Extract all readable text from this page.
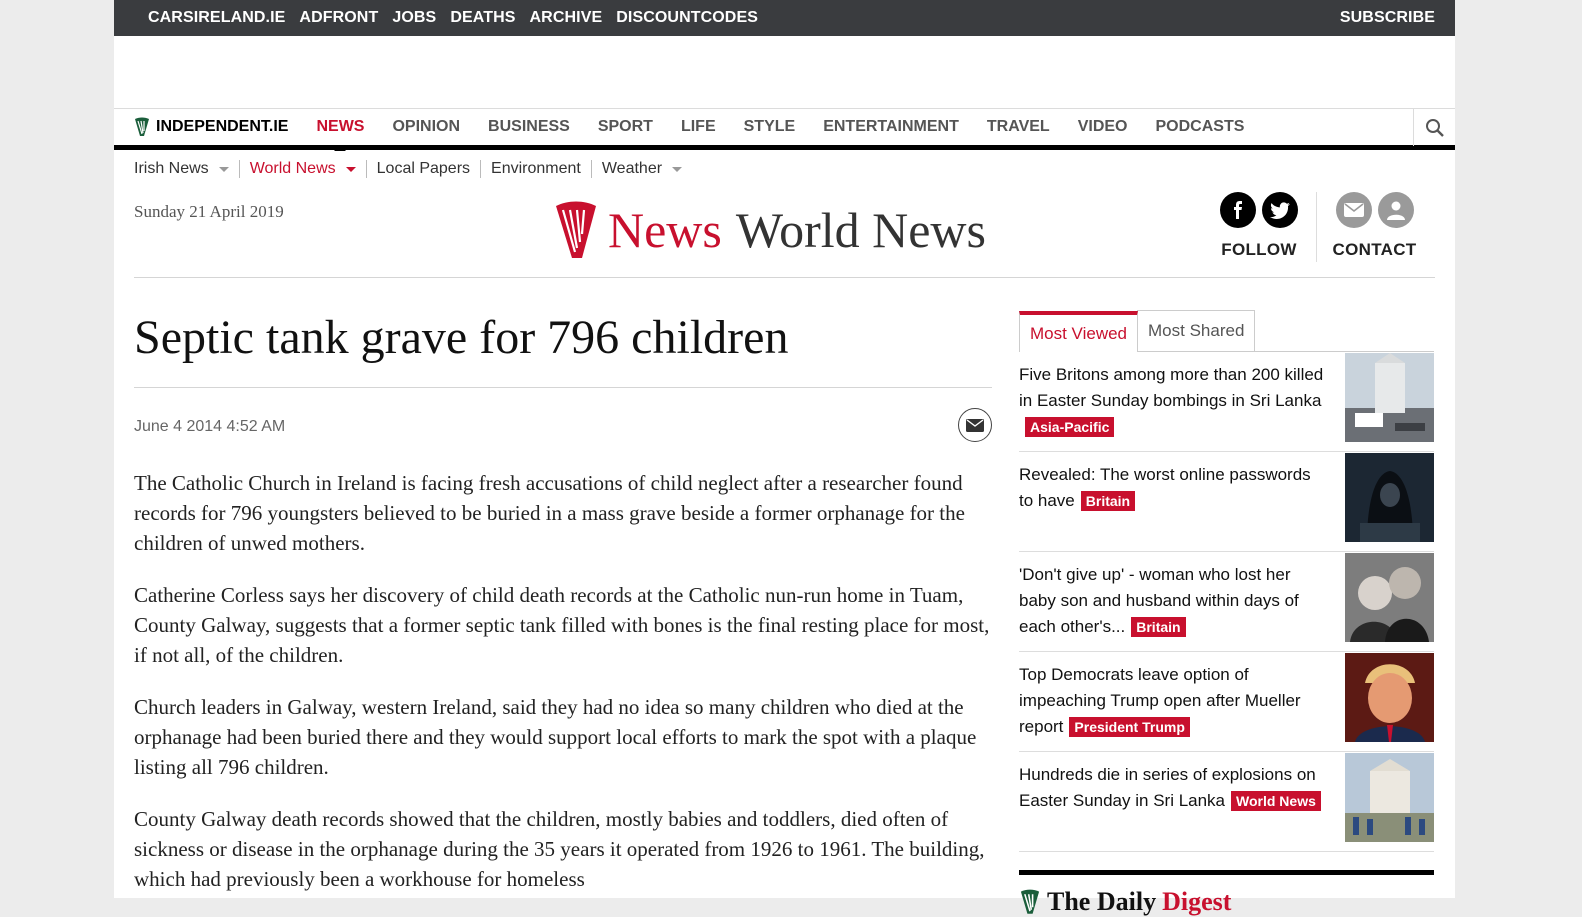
CARSIRELAND.IE ADFRONT JOBS DEATHS ARCHIVE DISCOUNTCODES	SUBSCRIBE
INDEPENDENT.IE	NEWS	OPINION	BUSINESS	SPORT	LIFE	STYLE	ENTERTAINMENT	TRAVEL	VIDEO	PODCASTS
Irish News	World News	Local Papers Environment Weather
Sunday 21 April 2019	News World News	FOLLOW	CONTACT
Septic tank grave for 796 children
June 4 2014 4:52 AM

The Catholic Church in Ireland is facing fresh accusations of child neglect after a researcher found records for 796 youngsters believed to be buried in a mass grave beside a former orphanage for the children of unwed mothers.

Catherine Corless says her discovery of child death records at the Catholic nun-run home in Tuam, County Galway, suggests that a former septic tank filled with bones is the final resting place for most, if not all, of the children.

Church leaders in Galway, western Ireland, said they had no idea so many children who died at the orphanage had been buried there and they would support local efforts to mark the spot with a plaque listing all 796 children.

County Galway death records showed that the children, mostly babies and toddlers, died often of sickness or disease in the orphanage during the 35 years it operated from 1926 to 1961. The building, which had previously been a workhouse for homeless

Most Viewed	Most Shared
Five Britons among more than 200 killed in Easter Sunday bombings in Sri LankaAsia-Pacific
Revealed: The worst online passwords to have Britain
'Don't give up' - woman who lost her baby son and husband within days of each other's... Britain
Top Democrats leave option of impeaching Trump open after Mueller report President Trump
Hundreds die in series of explosions on Easter Sunday in Sri Lanka World News
The Daily Digest
